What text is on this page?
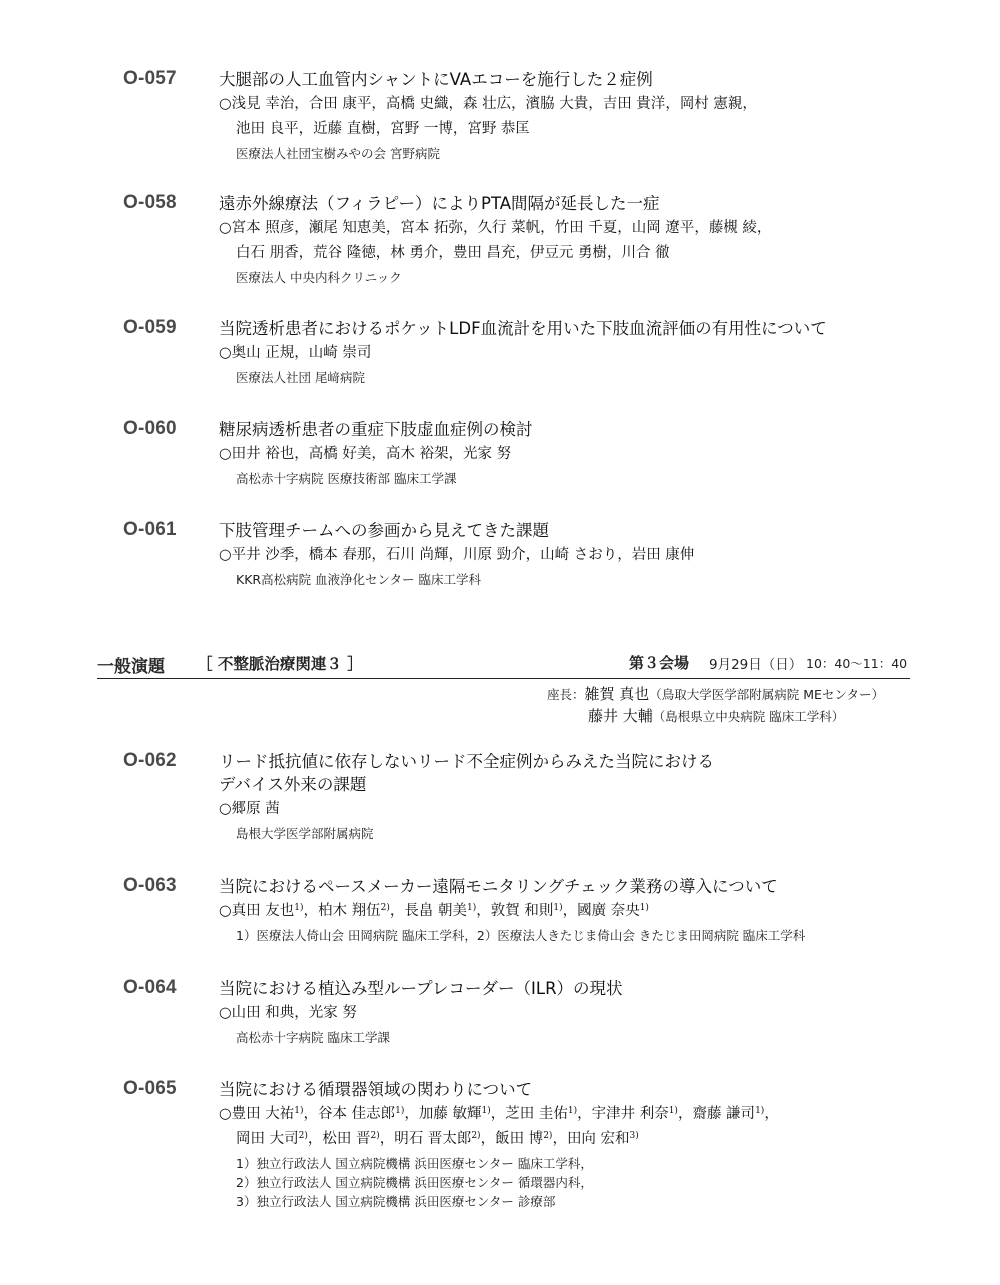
O-057	大腿部の人工血管内シャントにVAエコーを施行した２症例
○浅見 幸治，合田 康平，高橋 史織，森 壮広，濱脇 大貴，吉田 貴洋，岡村 憲親，
池田 良平，近藤 直樹，宮野 一博，宮野 恭匡
医療法人社団宝樹みやの会 宮野病院
O-058	遠赤外線療法（フィラピー）によりPTA間隔が延長した一症
○宮本 照彦，瀬尾 知恵美，宮本 拓弥，久行 菜帆，竹田 千夏，山岡 遼平，藤槻 綾，
白石 朋香，荒谷 隆徳，林 勇介，豊田 昌充，伊豆元 勇樹，川合 徹
医療法人 中央内科クリニック
O-059	当院透析患者におけるポケットLDF血流計を用いた下肢血流評価の有用性について
○奥山 正規，山崎 崇司
医療法人社団 尾﨑病院
O-060	糖尿病透析患者の重症下肢虚血症例の検討
○田井 裕也，高橋 好美，高木 裕架，光家 努
高松赤十字病院 医療技術部 臨床工学課
O-061	下肢管理チームへの参画から見えてきた課題
○平井 沙季，橋本 春那，石川 尚輝，川原 勁介，山崎 さおり，岩田 康伸
KKR高松病院 血液浄化センター 臨床工学科
一般演題 ［ 不整脈治療関連３ ］	第３会場 9月29日（日） 10：40～11：40
座長：雑賀 真也（鳥取大学医学部附属病院 MEセンター）
藤井 大輔（島根県立中央病院 臨床工学科）
O-062	リード抵抗値に依存しないリード不全症例からみえた当院における
デバイス外来の課題
○郷原 茜
島根大学医学部附属病院
O-063	当院におけるペースメーカー遠隔モニタリングチェック業務の導入について
○真田 友也$^{1)}$，柏木 翔伍$^{2)}$，長畠 朝美$^{1)}$，敦賀 和則$^{1)}$，國廣 奈央$^{1)}$
1）医療法人倚山会 田岡病院 臨床工学科，2）医療法人きたじま倚山会 きたじま田岡病院 臨床工学科
O-064	当院における植込み型ループレコーダー（ILR）の現状
○山田 和典，光家 努
高松赤十字病院 臨床工学課
O-065	当院における循環器領域の関わりについて
○豊田 大祐$^{1)}$，谷本 佳志郎$^{1)}$，加藤 敏輝$^{1)}$，芝田 圭佑$^{1)}$，宇津井 利奈$^{1)}$，齋藤 謙司$^{1)}$，
岡田 大司$^{2)}$，松田 晋$^{2)}$，明石 晋太郎$^{2)}$，飯田 博$^{2)}$，田向 宏和$^{3)}$
1）独立行政法人 国立病院機構 浜田医療センター 臨床工学科，
2）独立行政法人 国立病院機構 浜田医療センター 循環器内科，
3）独立行政法人 国立病院機構 浜田医療センター 診療部
